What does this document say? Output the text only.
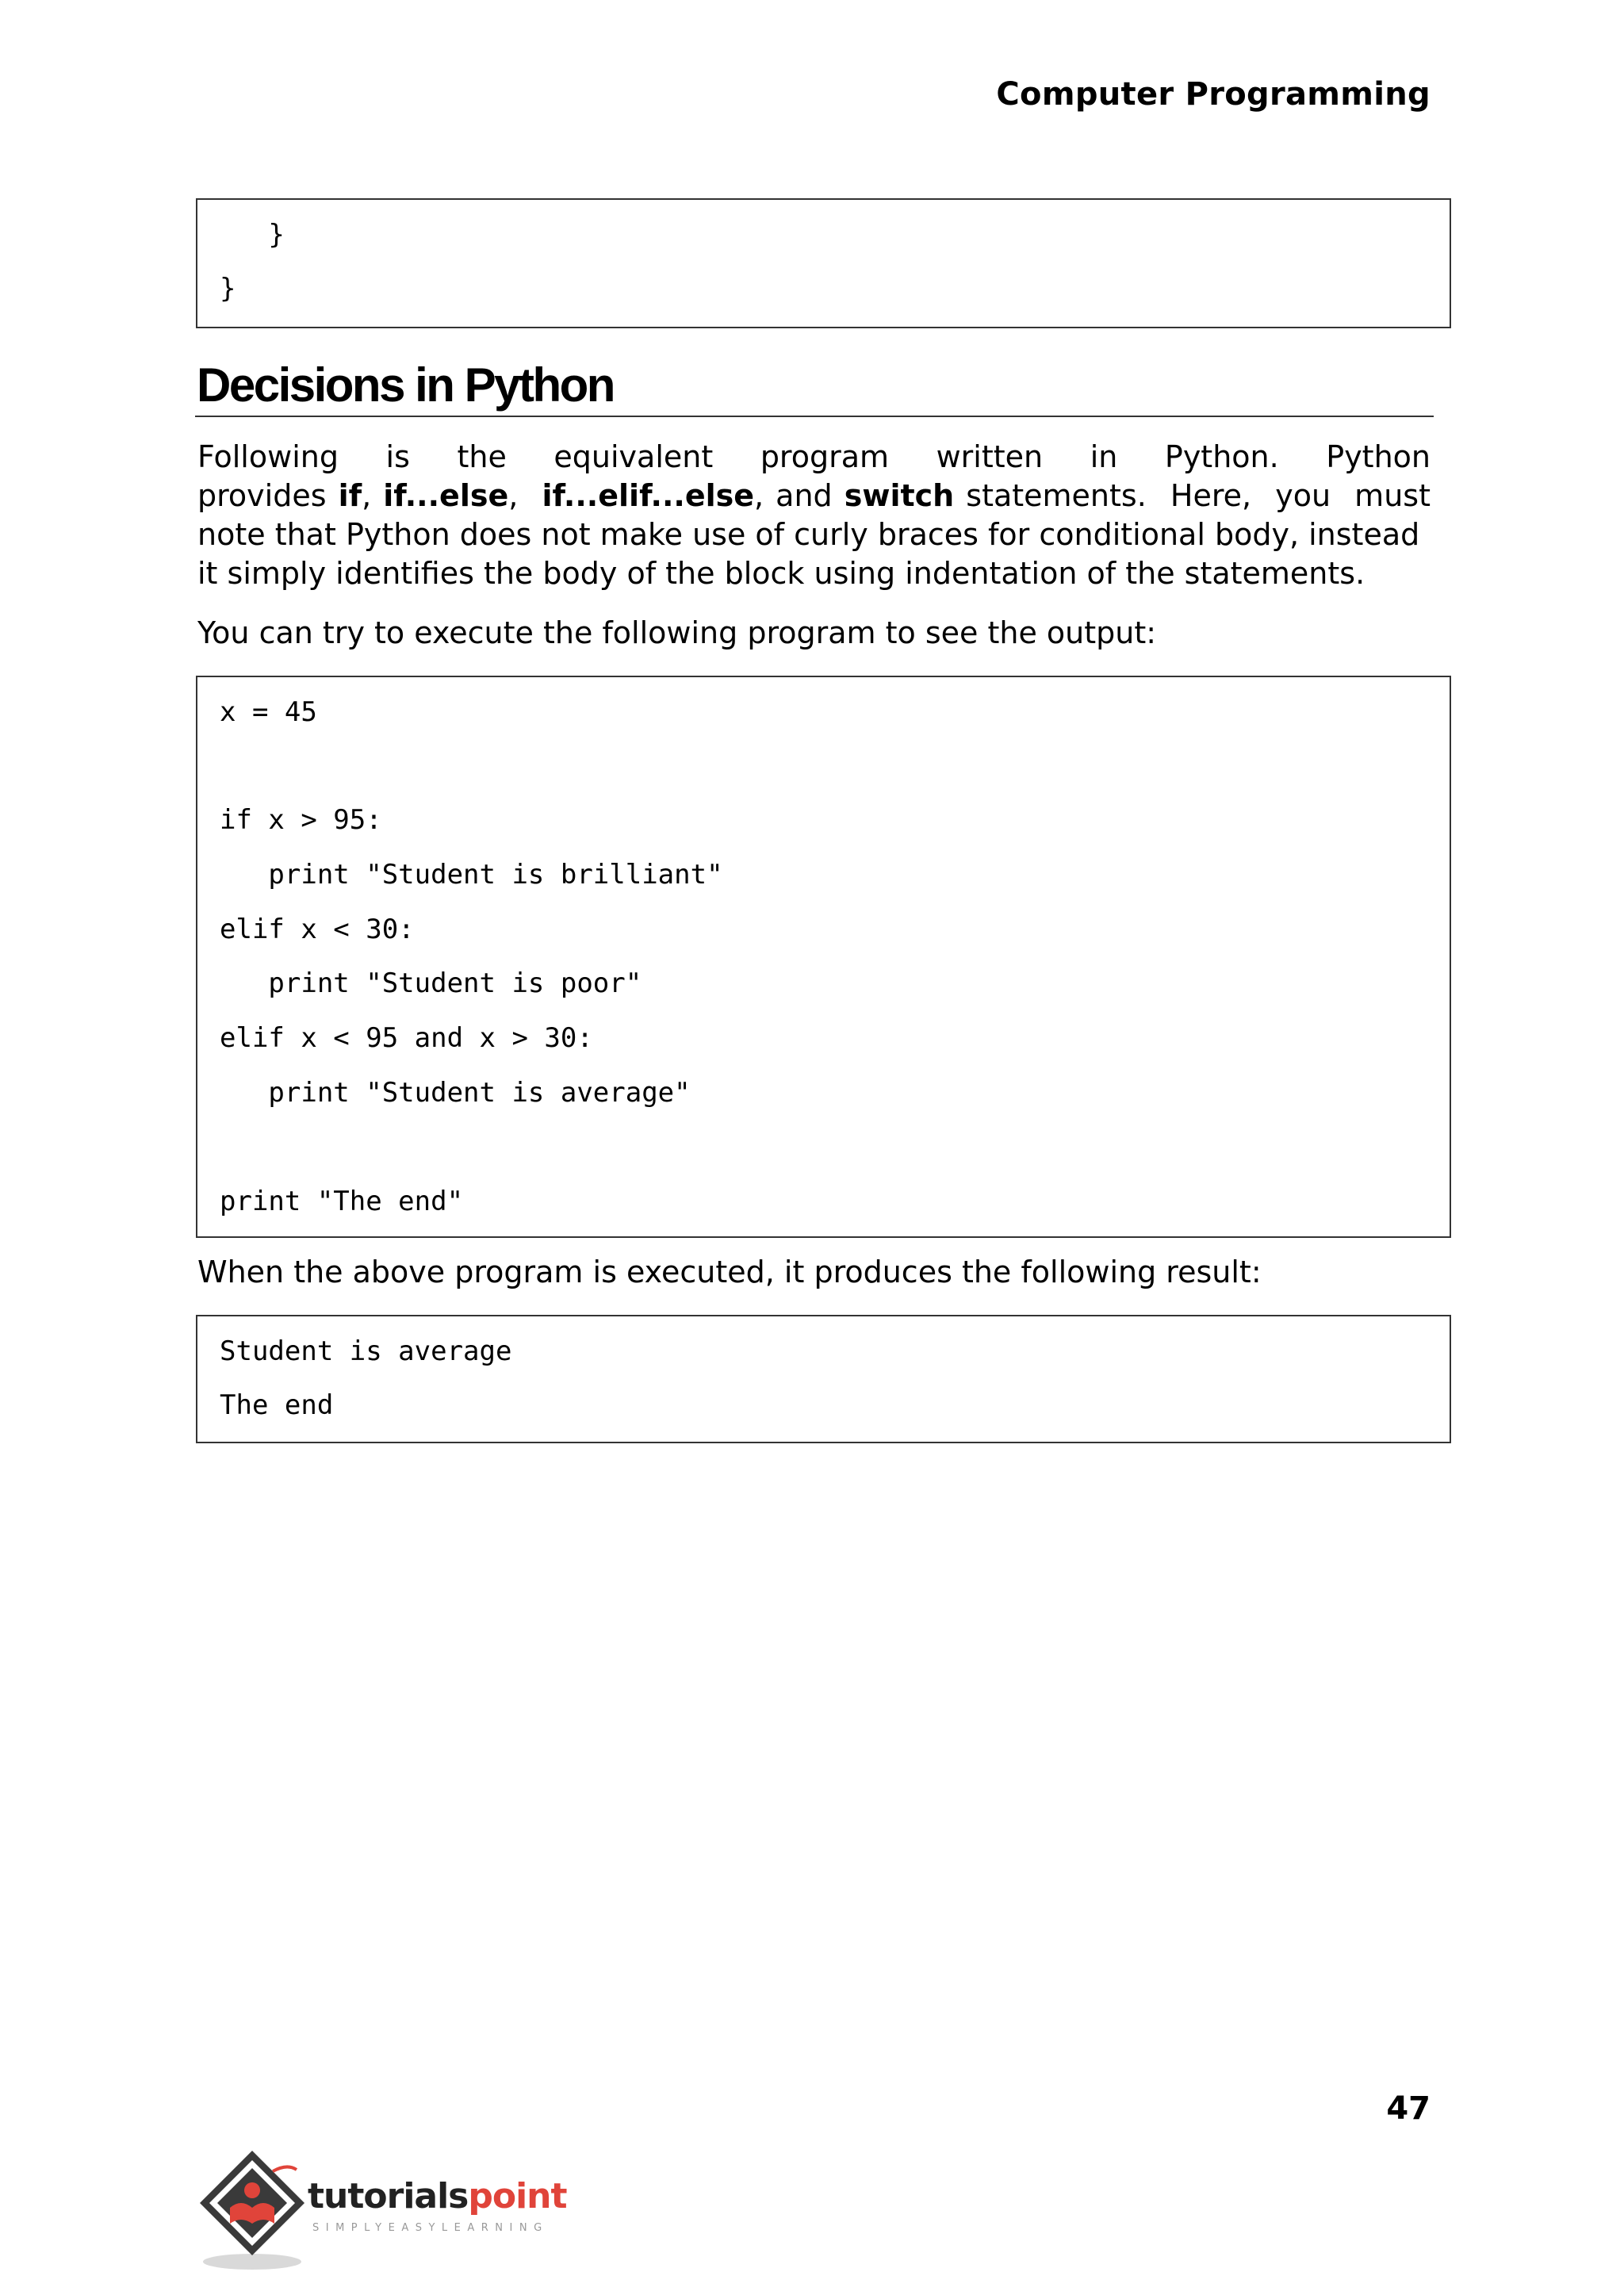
Computer Programming
}
}
Decisions in Python
Following is the equivalent program written in Python. Python
provides if, if...else,  if...elif...else, and switch statements.  Here,  you  must
note that Python does not make use of curly braces for conditional body, instead
it simply identifies the body of the block using indentation of the statements.
You can try to execute the following program to see the output:
x = 45
if x > 95:
print "Student is brilliant"
elif x < 30:
print "Student is poor"
elif x < 95 and x > 30:
print "Student is average"
print "The end"
When the above program is executed, it produces the following result:
Student is average
The end
47
tutorialspoint
SIMPLYEASYLEARNING
